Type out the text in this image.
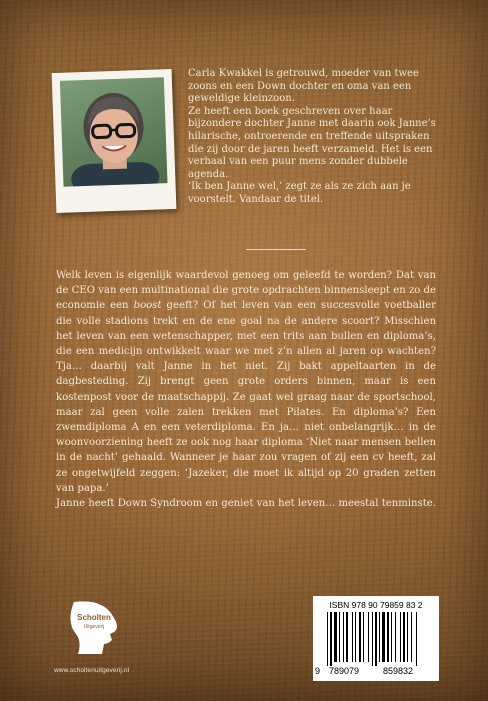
Carla Kwakkel is getrouwd, moeder van twee zoons en een Down dochter en oma van een geweldige kleinzoon.

Ze heeft een boek geschreven over haar bijzondere dochter Janne met daarin ook Janne’s hilarische, ontroerende en treffende uitspraken die zij door de jaren heeft verzameld. Het is een verhaal van een puur mens zonder dubbele agenda.

‘Ik ben Janne wel,’ zegt ze als ze zich aan je voorstelt. Vandaar de titel.

Welk leven is eigenlijk waardevol genoeg om geleefd te worden? Dat van de CEO van een multinational die grote opdrachten binnensleept en zo de economie een boost geeft? Of het leven van een succesvolle voetballer die volle stadions trekt en de ene goal na de andere scoort? Misschien het leven van een wetenschapper, met een trits aan bullen en diploma’s, die een medicijn ontwikkelt waar we met z’n allen al jaren op wachten? Tja… daarbij valt Janne in het niet. Zij bakt appeltaarten in de dagbesteding. Zij brengt geen grote orders binnen, maar is een kostenpost voor de maatschappij. Ze gaat wel graag naar de sportschool, maar zal geen volle zalen trekken met Pilates. En diploma’s? Een zwemdiploma A en een veterdiploma. En ja… niet onbelangrijk… in de woonvoorziening heeft ze ook nog haar diploma ‘Niet naar mensen bellen in de nacht’ gehaald. Wanneer je haar zou vragen of zij een cv heeft, zal ze ongetwijfeld zeggen: ‘Jazeker, die moet ik altijd op 20 graden zetten van papa.’
Janne heeft Down Syndroom en geniet van het leven… meestal tenminste.

Scholten
Uitgeverij
www.scholtenuitgeverij.nl
ISBN 978 90 79859 83 2
9 789079	859832
